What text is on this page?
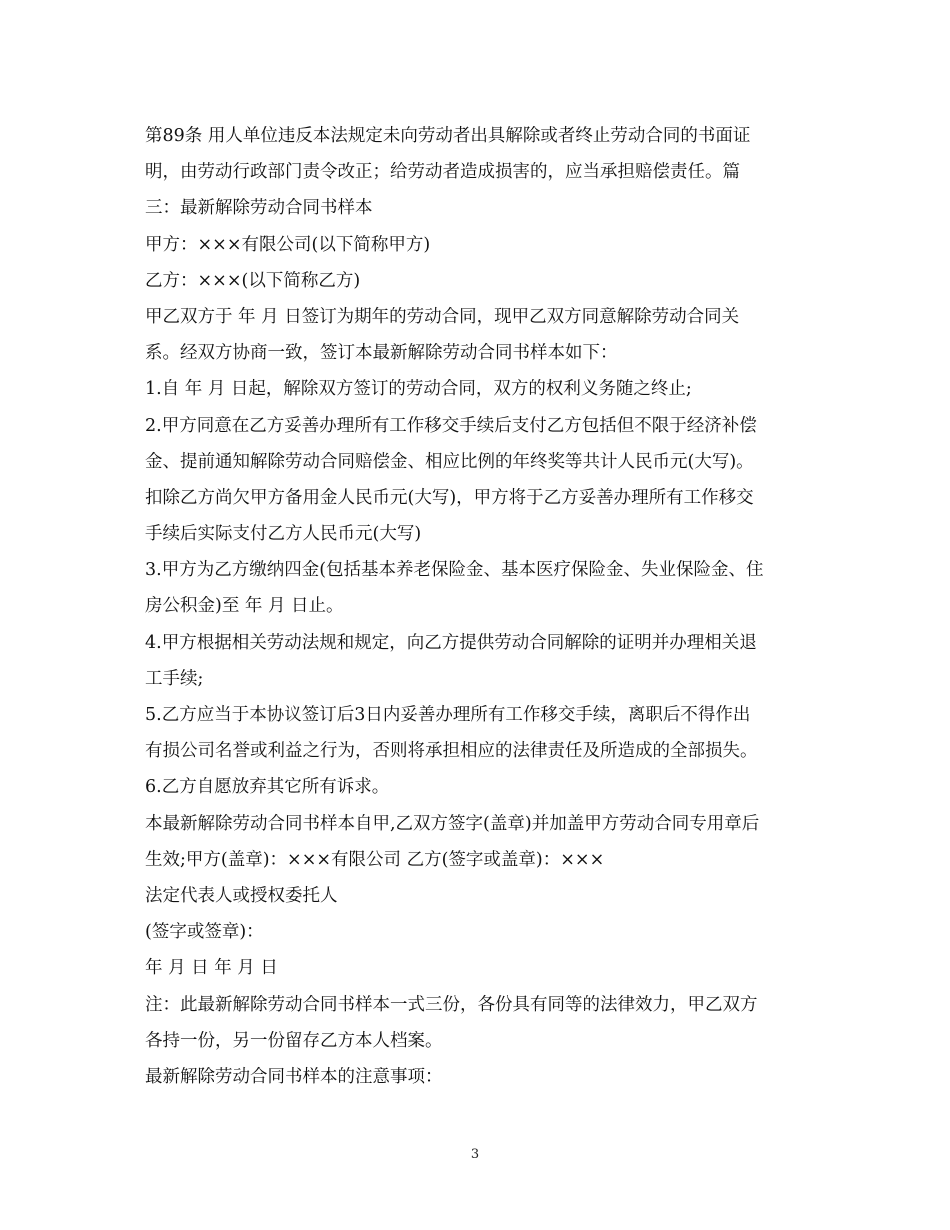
第89条 用人单位违反本法规定未向劳动者出具解除或者终止劳动合同的书面证
明，由劳动行政部门责令改正；给劳动者造成损害的，应当承担赔偿责任。篇
三：最新解除劳动合同书样本
甲方：×××有限公司(以下简称甲方)
乙方：×××(以下简称乙方)
甲乙双方于 年 月 日签订为期年的劳动合同，现甲乙双方同意解除劳动合同关
系。经双方协商一致，签订本最新解除劳动合同书样本如下：
1.自 年 月 日起，解除双方签订的劳动合同，双方的权利义务随之终止;
2.甲方同意在乙方妥善办理所有工作移交手续后支付乙方包括但不限于经济补偿
金、提前通知解除劳动合同赔偿金、相应比例的年终奖等共计人民币元(大写)。
扣除乙方尚欠甲方备用金人民币元(大写)，甲方将于乙方妥善办理所有工作移交
手续后实际支付乙方人民币元(大写)
3.甲方为乙方缴纳四金(包括基本养老保险金、基本医疗保险金、失业保险金、住
房公积金)至 年 月 日止。
4.甲方根据相关劳动法规和规定，向乙方提供劳动合同解除的证明并办理相关退
工手续;
5.乙方应当于本协议签订后3日内妥善办理所有工作移交手续，离职后不得作出
有损公司名誉或利益之行为，否则将承担相应的法律责任及所造成的全部损失。
6.乙方自愿放弃其它所有诉求。
本最新解除劳动合同书样本自甲,乙双方签字(盖章)并加盖甲方劳动合同专用章后
生效;甲方(盖章)：×××有限公司 乙方(签字或盖章)：×××
法定代表人或授权委托人
(签字或签章)：
年 月 日 年 月 日
注：此最新解除劳动合同书样本一式三份，各份具有同等的法律效力，甲乙双方
各持一份，另一份留存乙方本人档案。
最新解除劳动合同书样本的注意事项：
3
